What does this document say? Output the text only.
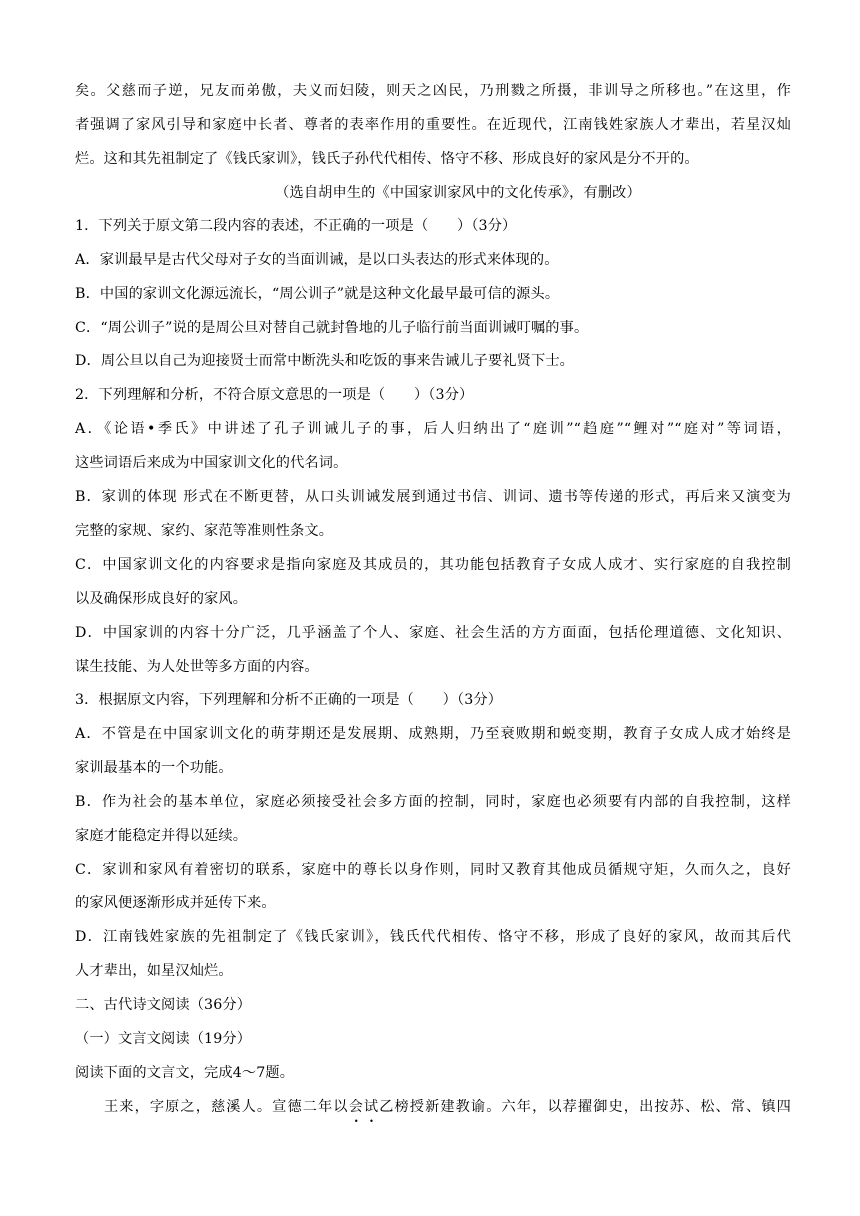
矣。父慈而子逆，兄友而弟傲，夫义而妇陵，则天之凶民，乃刑戮之所摄，非训导之所移也。”在这里，作
者强调了家风引导和家庭中长者、尊者的表率作用的重要性。在近现代，江南钱姓家族人才辈出，若星汉灿
烂。这和其先祖制定了《钱氏家训》，钱氏子孙代代相传、恪守不移、形成良好的家风是分不开的。
（选自胡申生的《中国家训家风中的文化传承》，有删改）
1．下列关于原文第二段内容的表述，不正确的一项是（　　）（3分）
A．家训最早是古代父母对子女的当面训诫，是以口头表达的形式来体现的。
B．中国的家训文化源远流长，“周公训子”就是这种文化最早最可信的源头。
C．“周公训子”说的是周公旦对替自己就封鲁地的儿子临行前当面训诫叮嘱的事。
D．周公旦以自己为迎接贤士而常中断洗头和吃饭的事来告诫儿子要礼贤下士。
2．下列理解和分析，不符合原文意思的一项是（　　）（3分）
A．《论语•季氏》中讲述了孔子训诫儿子的事，后人归纳出了“庭训”“趋庭”“鲤对”“庭对”等词语，
这些词语后来成为中国家训文化的代名词。
B．家训的体现 形式在不断更替，从口头训诫发展到通过书信、训词、遗书等传递的形式，再后来又演变为
完整的家规、家约、家范等准则性条文。
C．中国家训文化的内容要求是指向家庭及其成员的，其功能包括教育子女成人成才、实行家庭的自我控制
以及确保形成良好的家风。
D．中国家训的内容十分广泛，几乎涵盖了个人、家庭、社会生活的方方面面，包括伦理道德、文化知识、
谋生技能、为人处世等多方面的内容。
3．根据原文内容，下列理解和分析不正确的一项是（　　）（3分）
A．不管是在中国家训文化的萌芽期还是发展期、成熟期，乃至衰败期和蜕变期，教育子女成人成才始终是
家训最基本的一个功能。
B．作为社会的基本单位，家庭必须接受社会多方面的控制，同时，家庭也必须要有内部的自我控制，这样
家庭才能稳定并得以延续。
C．家训和家风有着密切的联系，家庭中的尊长以身作则，同时又教育其他成员循规守矩，久而久之，良好
的家风便逐渐形成并延传下来。
D．江南钱姓家族的先祖制定了《钱氏家训》，钱氏代代相传、恪守不移，形成了良好的家风，故而其后代
人才辈出，如星汉灿烂。
二、古代诗文阅读（36分）
（一）文言文阅读（19分）
阅读下面的文言文，完成4～7题。
王来，字原之，慈溪人。宣德二年以会试乙榜授新建教谕。六年，以荐擢御史，出按苏、松、常、镇四
